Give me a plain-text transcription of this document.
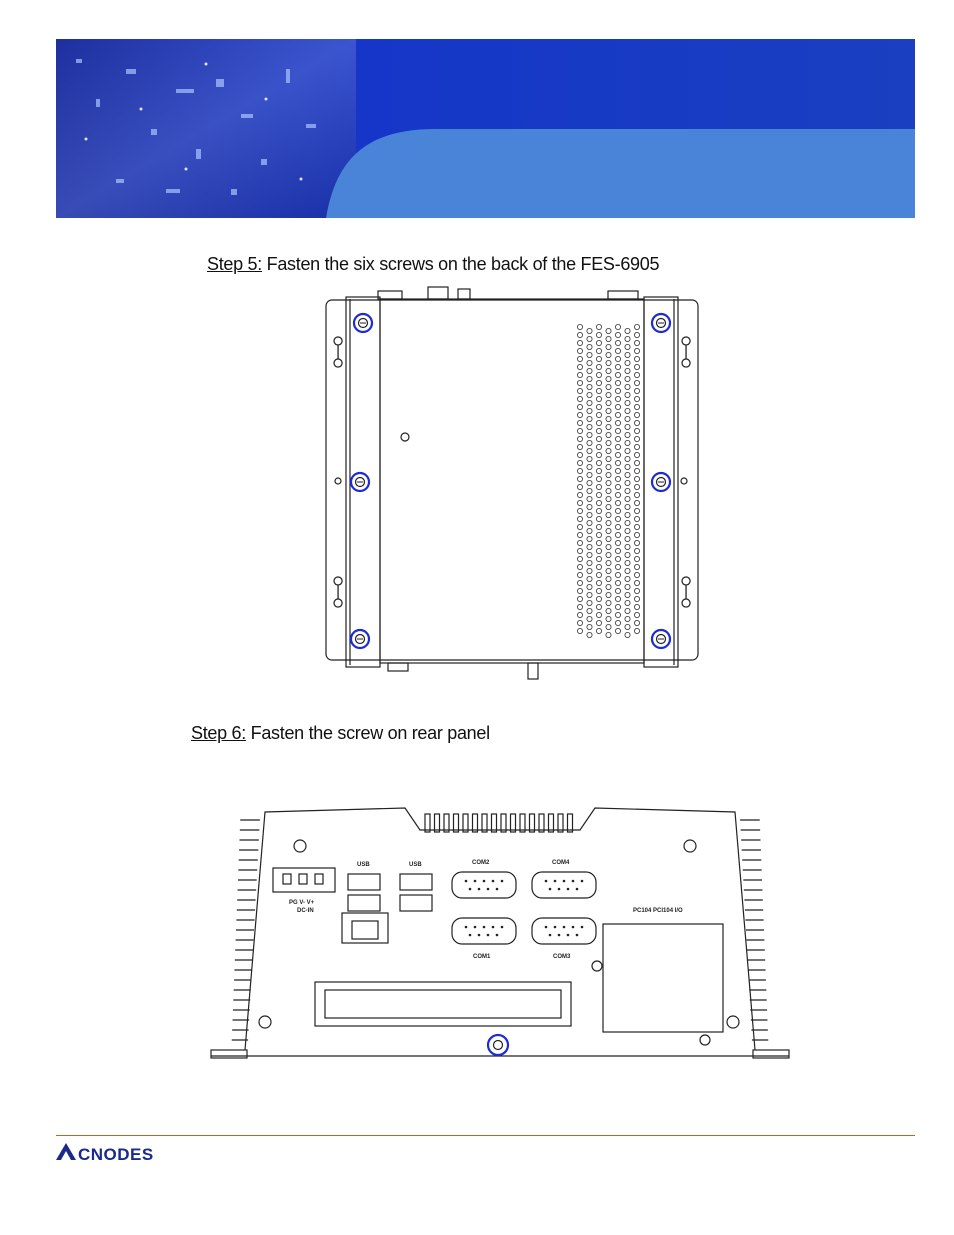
Step 5: Fasten the six screws on the back of the FES-6905
Step 6: Fasten the screw on rear panel
USB	USB	COM2	COM4
COM1	COM3
PG V- V+
DC-IN	PC104 PCI104 I/O
CNODES
